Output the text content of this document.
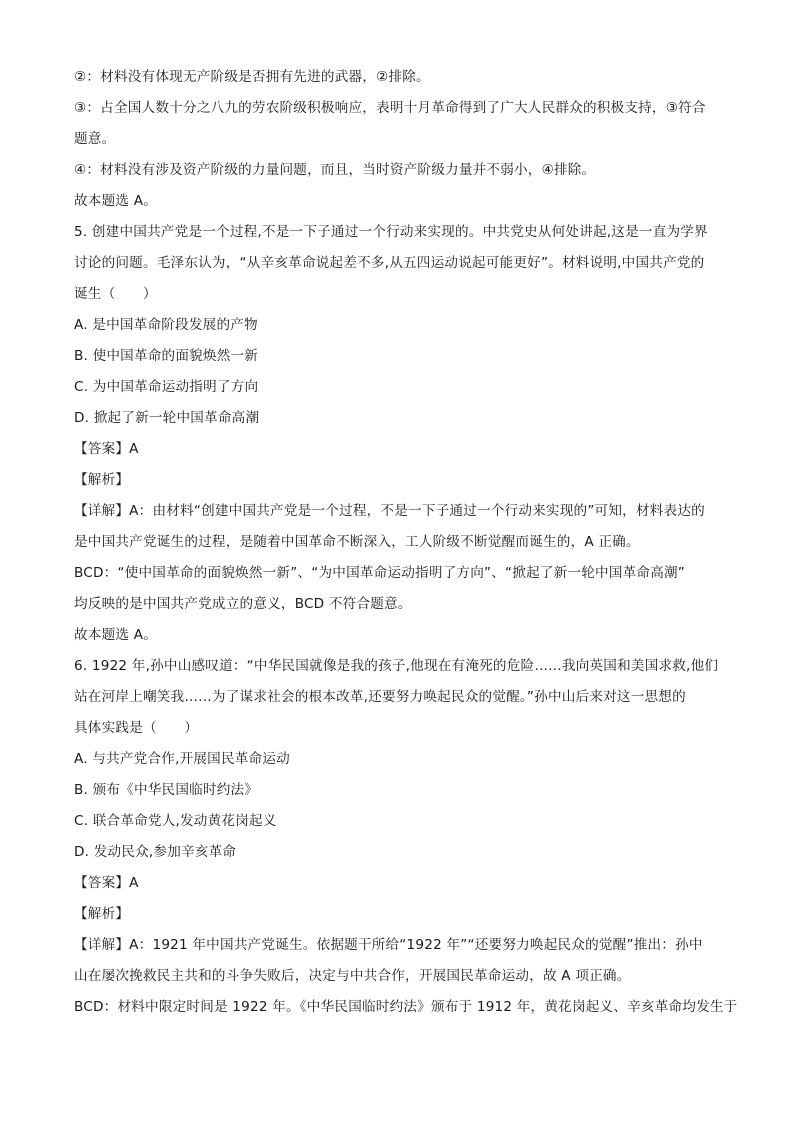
②：材料没有体现无产阶级是否拥有先进的武器，②排除。
③：占全国人数十分之八九的劳农阶级积极响应，表明十月革命得到了广大人民群众的积极支持，③符合
题意。
④：材料没有涉及资产阶级的力量问题，而且，当时资产阶级力量并不弱小，④排除。
故本题选 A。
5. 创建中国共产党是一个过程,不是一下子通过一个行动来实现的。中共党史从何处讲起,这是一直为学界
讨论的问题。毛泽东认为，“从辛亥革命说起差不多,从五四运动说起可能更好”。材料说明,中国共产党的
诞生（　　）
A. 是中国革命阶段发展的产物
B. 使中国革命的面貌焕然一新
C. 为中国革命运动指明了方向
D. 掀起了新一轮中国革命高潮
【答案】A
【解析】
【详解】A：由材料“创建中国共产党是一个过程，不是一下子通过一个行动来实现的”可知，材料表达的
是中国共产党诞生的过程，是随着中国革命不断深入，工人阶级不断觉醒而诞生的，A 正确。
BCD：“使中国革命的面貌焕然一新”、“为中国革命运动指明了方向”、“掀起了新一轮中国革命高潮”
均反映的是中国共产党成立的意义，BCD 不符合题意。
故本题选 A。
6. 1922 年,孙中山感叹道：“中华民国就像是我的孩子,他现在有淹死的危险……我向英国和美国求救,他们
站在河岸上嘲笑我……为了谋求社会的根本改革,还要努力唤起民众的觉醒。”孙中山后来对这一思想的
具体实践是（　　）
A. 与共产党合作,开展国民革命运动
B. 颁布《中华民国临时约法》
C. 联合革命党人,发动黄花岗起义
D. 发动民众,参加辛亥革命
【答案】A
【解析】
【详解】A：1921 年中国共产党诞生。依据题干所给“1922 年”“还要努力唤起民众的觉醒”推出：孙中
山在屡次挽救民主共和的斗争失败后，决定与中共合作，开展国民革命运动，故 A 项正确。
BCD：材料中限定时间是 1922 年。《中华民国临时约法》颁布于 1912 年，黄花岗起义、辛亥革命均发生于
